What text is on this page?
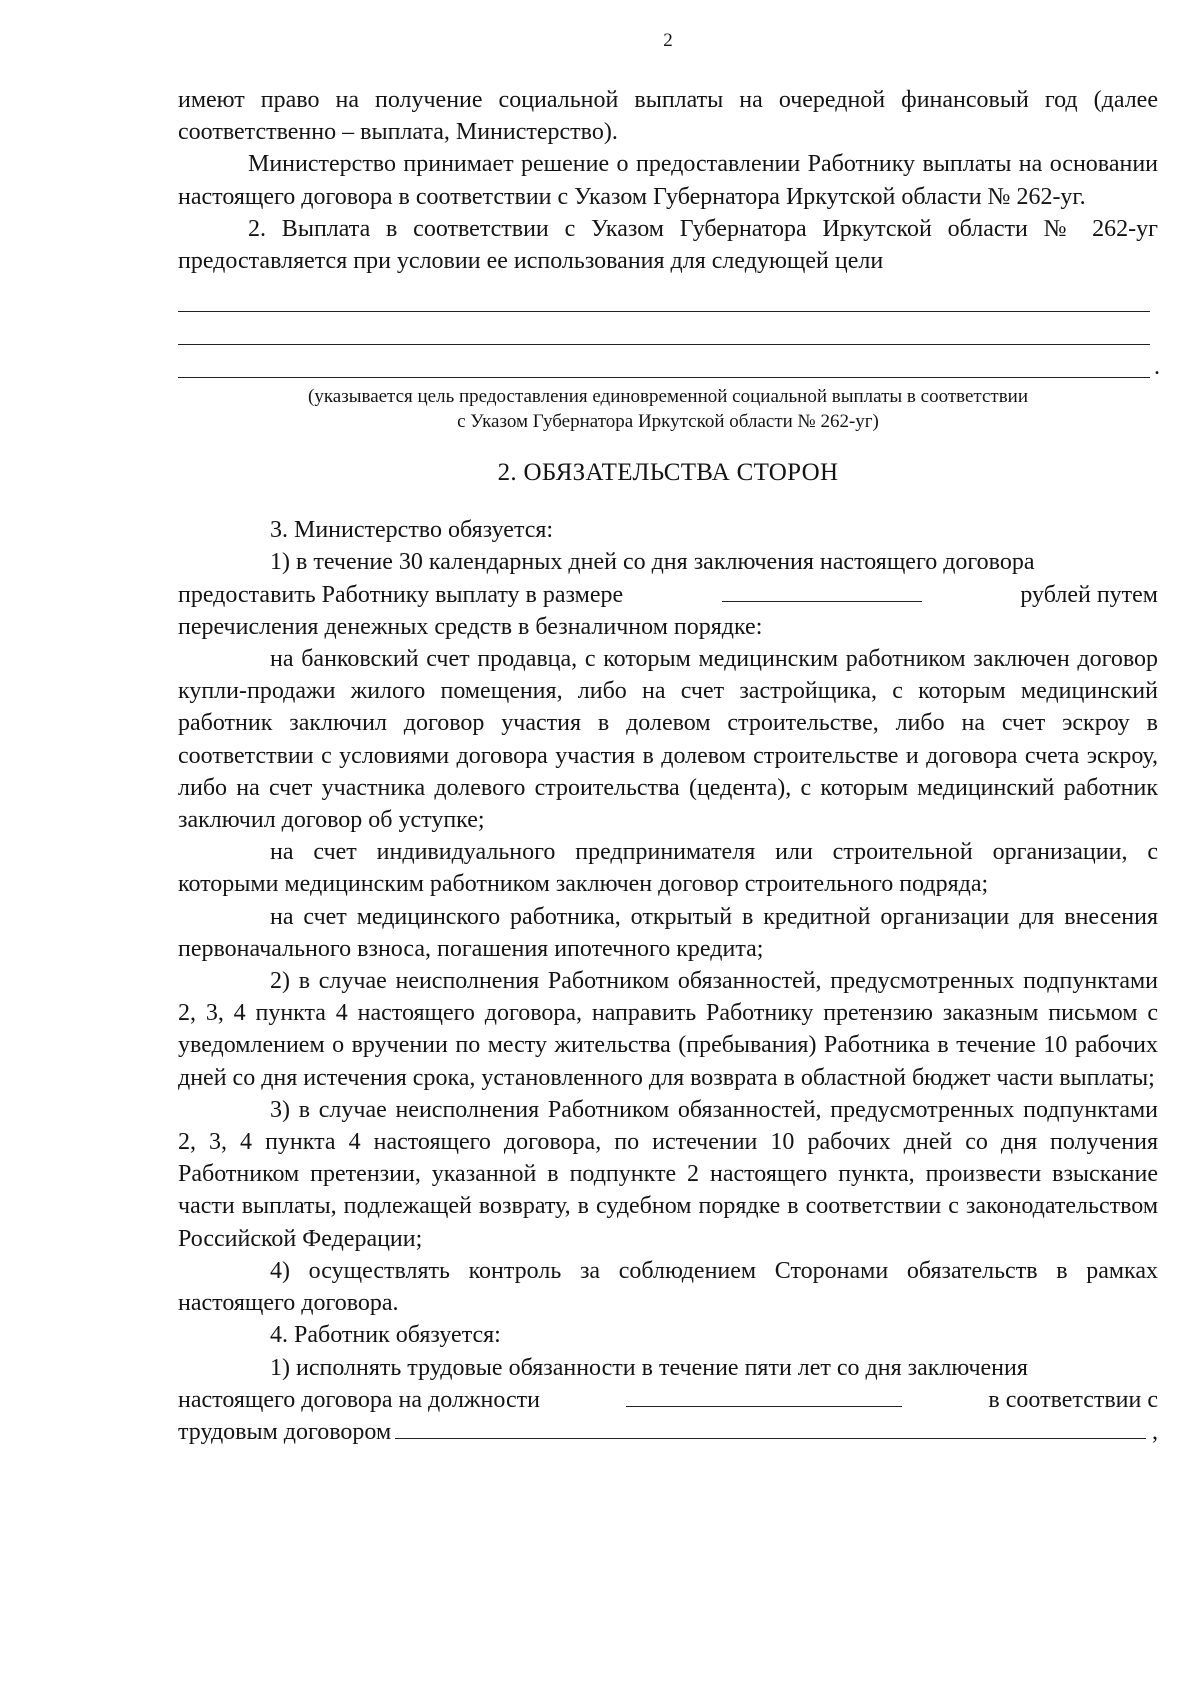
2

имеют право на получение социальной выплаты на очередной финансовый год (далее соответственно – выплата, Министерство).

Министерство принимает решение о предоставлении Работнику выплаты на основании настоящего договора в соответствии с Указом Губернатора Иркутской области № 262-уг.

2. Выплата в соответствии с Указом Губернатора Иркутской области № 262-уг предоставляется при условии ее использования для следующей цели

.

(указывается цель предоставления единовременной социальной выплаты в соответствии

с Указом Губернатора Иркутской области № 262-уг)

2. ОБЯЗАТЕЛЬСТВА СТОРОН

3. Министерство обязуется:

1) в течение 30 календарных дней со дня заключения настоящего договора

предоставить Работнику выплату в размере	рублей путем

перечисления денежных средств в безналичном порядке:

на банковский счет продавца, с которым медицинским работником заключен договор купли-продажи жилого помещения, либо на счет застройщика, с которым медицинский работник заключил договор участия в долевом строительстве, либо на счет эскроу в соответствии с условиями договора участия в долевом строительстве и договора счета эскроу, либо на счет участника долевого строительства (цедента), с которым медицинский работник заключил договор об уступке;

на счет индивидуального предпринимателя или строительной организации, с которыми медицинским работником заключен договор строительного подряда;

на счет медицинского работника, открытый в кредитной организации для внесения первоначального взноса, погашения ипотечного кредита;

2) в случае неисполнения Работником обязанностей, предусмотренных подпунктами 2, 3, 4 пункта 4 настоящего договора, направить Работнику претензию заказным письмом с уведомлением о вручении по месту жительства (пребывания) Работника в течение 10 рабочих дней со дня истечения срока, установленного для возврата в областной бюджет части выплаты;

3) в случае неисполнения Работником обязанностей, предусмотренных подпунктами 2, 3, 4 пункта 4 настоящего договора, по истечении 10 рабочих дней со дня получения Работником претензии, указанной в подпункте 2 настоящего пункта, произвести взыскание части выплаты, подлежащей возврату, в судебном порядке в соответствии с законодательством Российской Федерации;

4) осуществлять контроль за соблюдением Сторонами обязательств в рамках настоящего договора.

4. Работник обязуется:

1) исполнять трудовые обязанности в течение пяти лет со дня заключения

настоящего договора на должности	в соответствии с
трудовым договором	,
